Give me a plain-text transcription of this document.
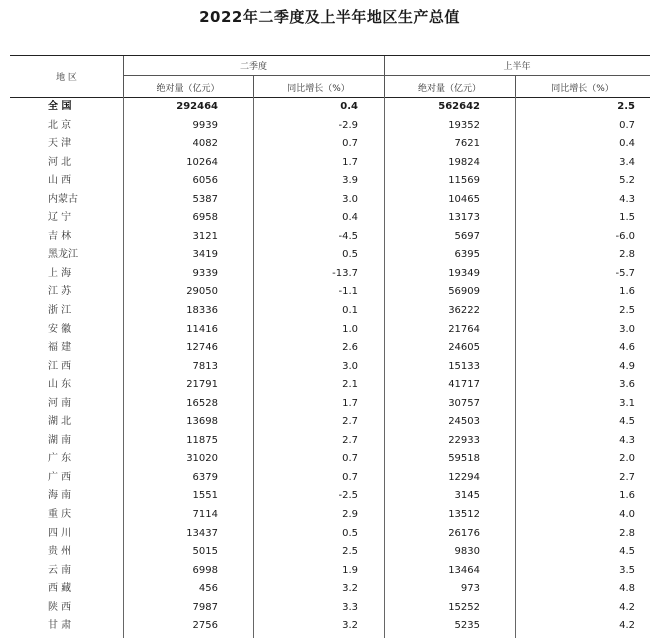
2022年二季度及上半年地区生产总值
地 区
二季度	上半年
绝对量（亿元）	同比增长（%）	绝对量（亿元）	同比增长（%）
全 国	292464	0.4	562642	2.5
北 京	9939	-2.9	19352	0.7
天 津	4082	0.7	7621	0.4
河 北	10264	1.7	19824	3.4
山 西	6056	3.9	11569	5.2
内蒙古	5387	3.0	10465	4.3
辽 宁	6958	0.4	13173	1.5
吉 林	3121	-4.5	5697	-6.0
黑龙江	3419	0.5	6395	2.8
上 海	9339	-13.7	19349	-5.7
江 苏	29050	-1.1	56909	1.6
浙 江	18336	0.1	36222	2.5
安 徽	11416	1.0	21764	3.0
福 建	12746	2.6	24605	4.6
江 西	7813	3.0	15133	4.9
山 东	21791	2.1	41717	3.6
河 南	16528	1.7	30757	3.1
湖 北	13698	2.7	24503	4.5
湖 南	11875	2.7	22933	4.3
广 东	31020	0.7	59518	2.0
广 西	6379	0.7	12294	2.7
海 南	1551	-2.5	3145	1.6
重 庆	7114	2.9	13512	4.0
四 川	13437	0.5	26176	2.8
贵 州	5015	2.5	9830	4.5
云 南	6998	1.9	13464	3.5
西 藏	456	3.2	973	4.8
陕 西	7987	3.3	15252	4.2
甘 肃	2756	3.2	5235	4.2
